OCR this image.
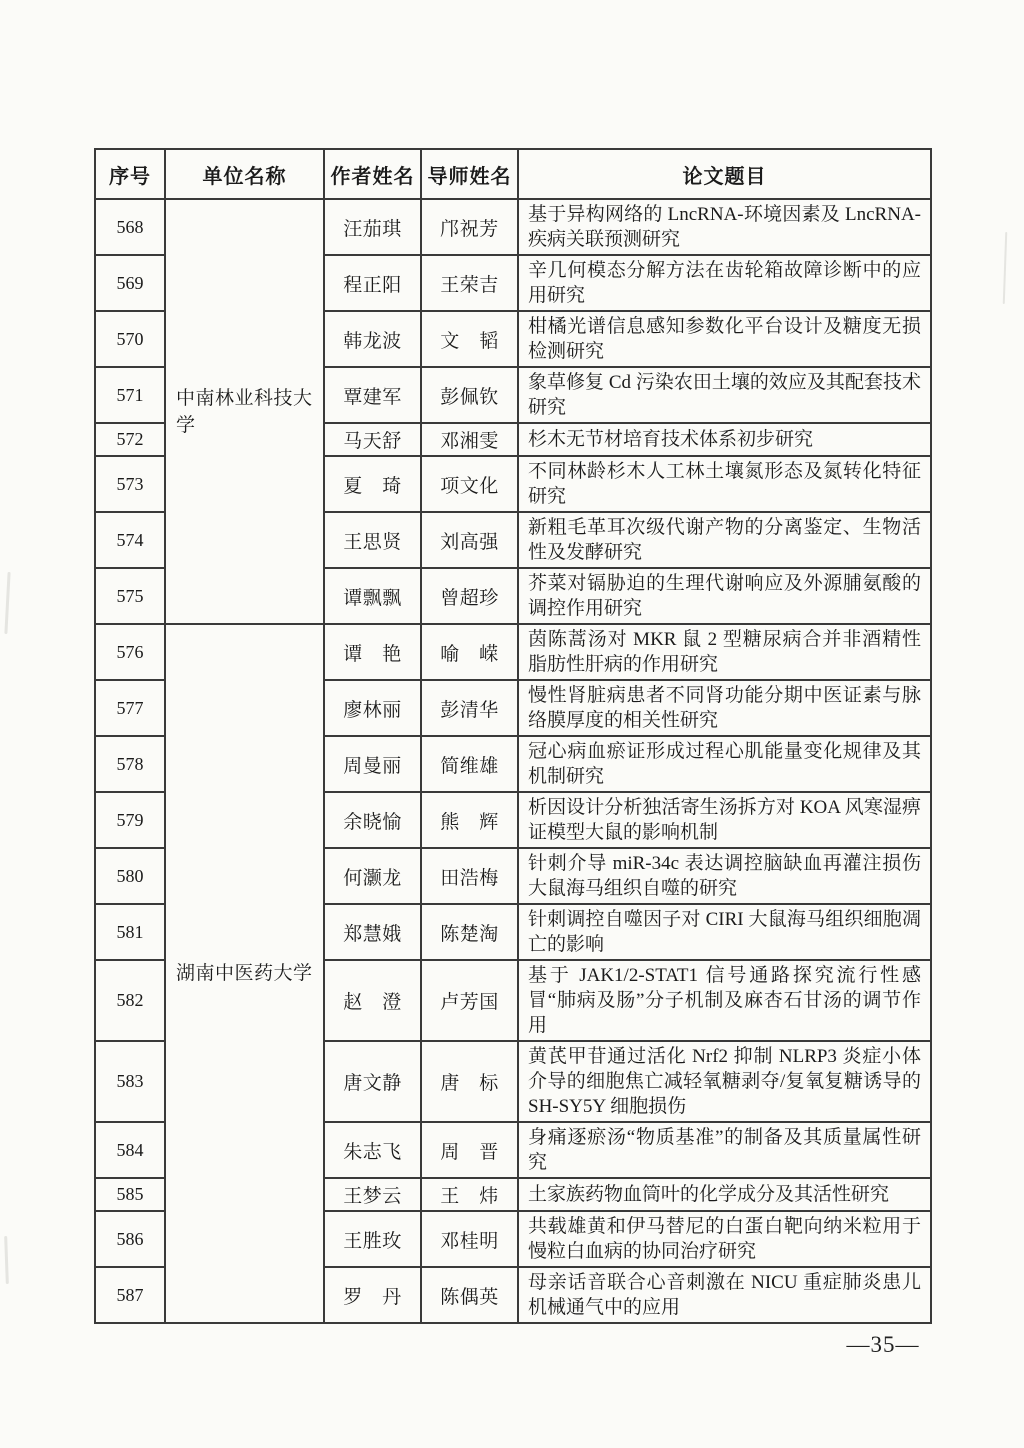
序号	单位名称	作者姓名	导师姓名	论文题目
568	中南林业科技大学	汪茄琪	邝祝芳	基于异构网络的 LncRNA-环境因素及 LncRNA-疾病关联预测研究
569		程正阳	王荣吉	辛几何模态分解方法在齿轮箱故障诊断中的应用研究
570		韩龙波	文　韬	柑橘光谱信息感知参数化平台设计及糖度无损检测研究
571		覃建军	彭佩钦	象草修复 Cd 污染农田土壤的效应及其配套技术研究
572		马天舒	邓湘雯	杉木无节材培育技术体系初步研究
573		夏　琦	项文化	不同林龄杉木人工林土壤氮形态及氮转化特征研究
574		王思贤	刘高强	新粗毛革耳次级代谢产物的分离鉴定、生物活性及发酵研究
575		谭飘飘	曾超珍	芥菜对镉胁迫的生理代谢响应及外源脯氨酸的调控作用研究
576	湖南中医药大学	谭　艳	喻　嵘	茵陈蒿汤对 MKR 鼠 2 型糖尿病合并非酒精性脂肪性肝病的作用研究
577		廖林丽	彭清华	慢性肾脏病患者不同肾功能分期中医证素与脉络膜厚度的相关性研究
578		周曼丽	简维雄	冠心病血瘀证形成过程心肌能量变化规律及其机制研究
579		余晓愉	熊　辉	析因设计分析独活寄生汤拆方对 KOA 风寒湿痹证模型大鼠的影响机制
580		何灏龙	田浩梅	针刺介导 miR-34c 表达调控脑缺血再灌注损伤大鼠海马组织自噬的研究
581		郑慧娥	陈楚淘	针刺调控自噬因子对 CIRI 大鼠海马组织细胞凋亡的影响
582		赵　澄	卢芳国	基于 JAK1/2-STAT1 信号通路探究流行性感冒“肺病及肠”分子机制及麻杏石甘汤的调节作用
583		唐文静	唐　标	黄芪甲苷通过活化 Nrf2 抑制 NLRP3 炎症小体介导的细胞焦亡减轻氧糖剥夺/复氧复糖诱导的 SH-SY5Y 细胞损伤
584		朱志飞	周　晋	身痛逐瘀汤“物质基准”的制备及其质量属性研究
585		王梦云	王　炜	土家族药物血筒叶的化学成分及其活性研究
586		王胜玫	邓桂明	共载雄黄和伊马替尼的白蛋白靶向纳米粒用于慢粒白血病的协同治疗研究
587		罗　丹	陈偶英	母亲话音联合心音刺激在 NICU 重症肺炎患儿机械通气中的应用
—35—
